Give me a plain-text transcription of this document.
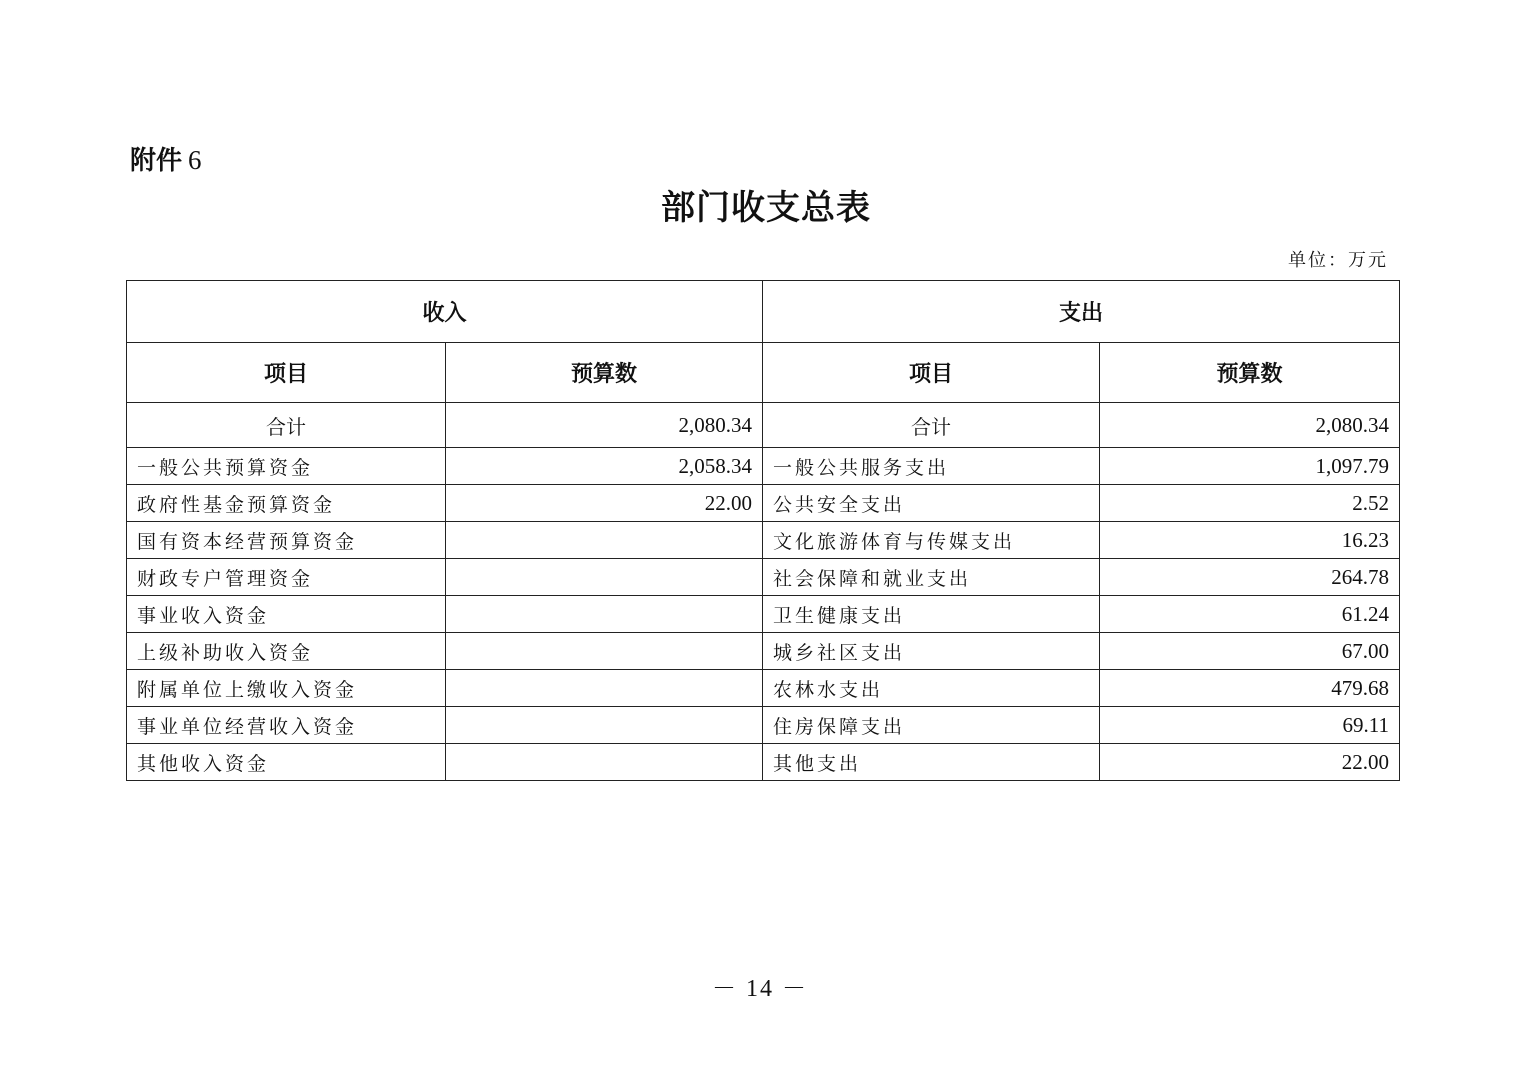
附件 6
部门收支总表
单位：万元
收入		支出	
项目	预算数	项目	预算数
合计	2,080.34	合计	2,080.34
一般公共预算资金	2,058.34	一般公共服务支出	1,097.79
政府性基金预算资金	22.00	公共安全支出	2.52
国有资本经营预算资金		文化旅游体育与传媒支出	16.23
财政专户管理资金		社会保障和就业支出	264.78
事业收入资金		卫生健康支出	61.24
上级补助收入资金		城乡社区支出	67.00
附属单位上缴收入资金		农林水支出	479.68
事业单位经营收入资金		住房保障支出	69.11
其他收入资金		其他支出	22.00
－ 14 －
